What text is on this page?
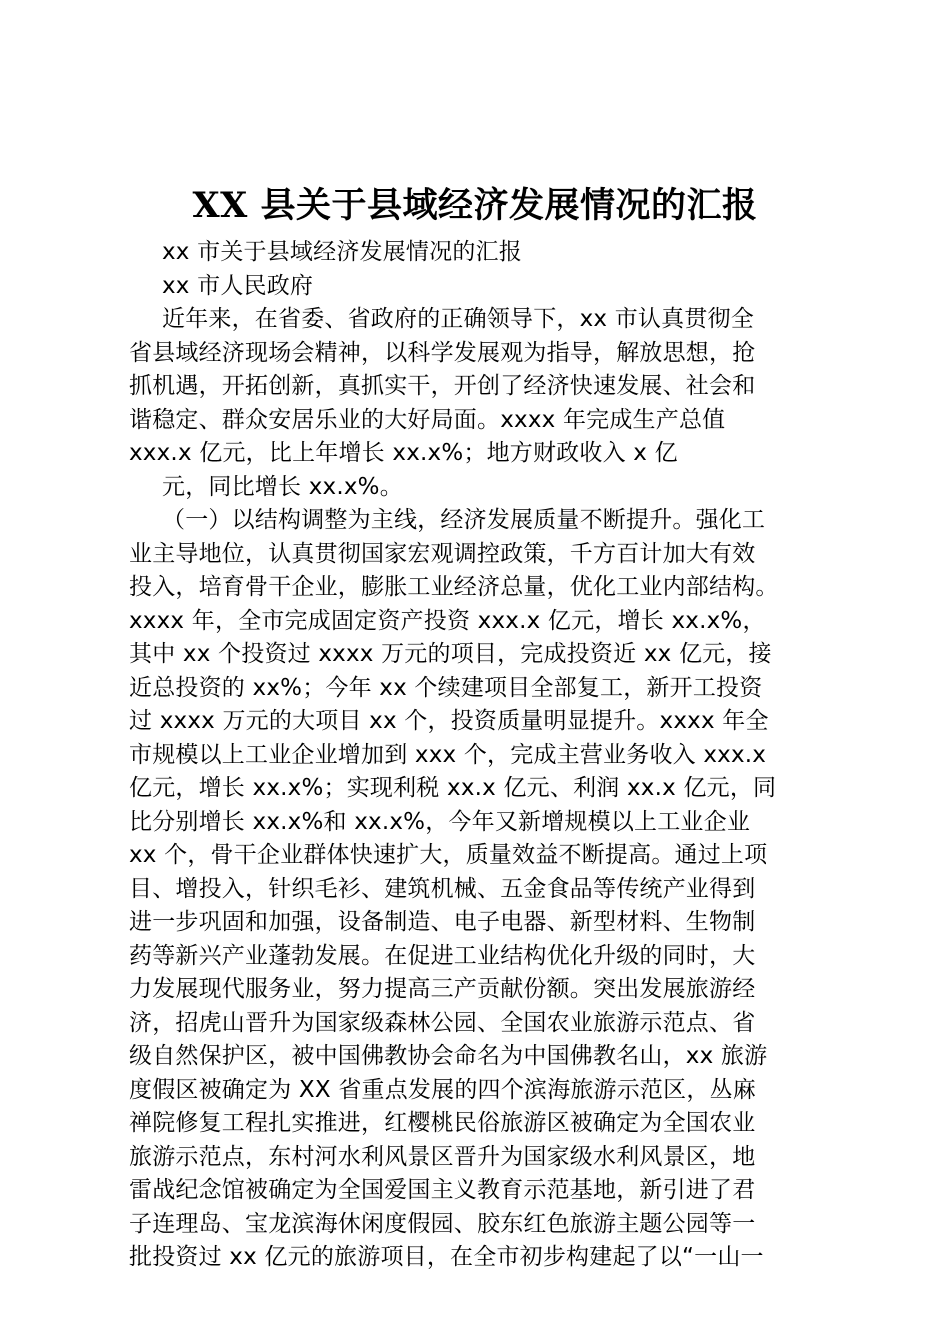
XX 县关于县域经济发展情况的汇报
xx 市关于县域经济发展情况的汇报
xx 市人民政府
近年来，在省委、省政府的正确领导下，xx 市认真贯彻全
省县域经济现场会精神，以科学发展观为指导，解放思想，抢
抓机遇，开拓创新，真抓实干，开创了经济快速发展、社会和
谐稳定、群众安居乐业的大好局面。xxxx 年完成生产总值
xxx.x 亿元，比上年增长 xx.x%；地方财政收入 x 亿
元，同比增长 xx.x%。
（一）以结构调整为主线，经济发展质量不断提升。强化工
业主导地位，认真贯彻国家宏观调控政策，千方百计加大有效
投入，培育骨干企业，膨胀工业经济总量，优化工业内部结构。
xxxx 年，全市完成固定资产投资 xxx.x 亿元，增长 xx.x%，
其中 xx 个投资过 xxxx 万元的项目，完成投资近 xx 亿元，接
近总投资的 xx%；今年 xx 个续建项目全部复工，新开工投资
过 xxxx 万元的大项目 xx 个，投资质量明显提升。xxxx 年全
市规模以上工业企业增加到 xxx 个，完成主营业务收入 xxx.x
亿元，增长 xx.x%；实现利税 xx.x 亿元、利润 xx.x 亿元，同
比分别增长 xx.x%和 xx.x%，今年又新增规模以上工业企业
xx 个，骨干企业群体快速扩大，质量效益不断提高。通过上项
目、增投入，针织毛衫、建筑机械、五金食品等传统产业得到
进一步巩固和加强，设备制造、电子电器、新型材料、生物制
药等新兴产业蓬勃发展。在促进工业结构优化升级的同时，大
力发展现代服务业，努力提高三产贡献份额。突出发展旅游经
济，招虎山晋升为国家级森林公园、全国农业旅游示范点、省
级自然保护区，被中国佛教协会命名为中国佛教名山，xx 旅游
度假区被确定为 XX 省重点发展的四个滨海旅游示范区，丛麻
禅院修复工程扎实推进，红樱桃民俗旅游区被确定为全国农业
旅游示范点，东村河水利风景区晋升为国家级水利风景区，地
雷战纪念馆被确定为全国爱国主义教育示范基地，新引进了君
子连理岛、宝龙滨海休闲度假园、胶东红色旅游主题公园等一
批投资过 xx 亿元的旅游项目，在全市初步构建起了以“一山一
